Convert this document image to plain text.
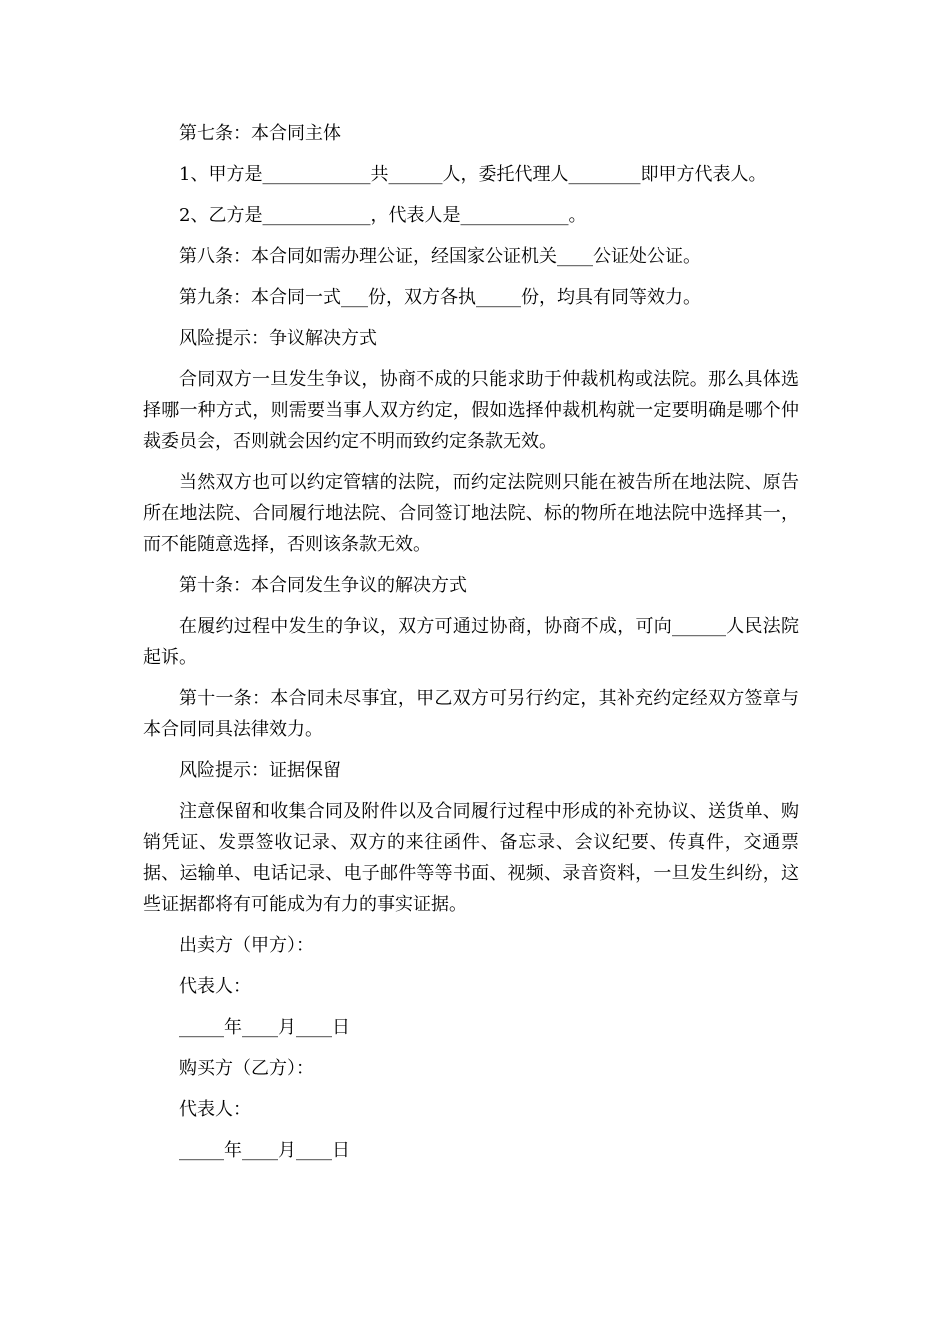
第七条：本合同主体

1、甲方是____________共______人，委托代理人________即甲方代表人。

2、乙方是____________，代表人是____________。

第八条：本合同如需办理公证，经国家公证机关____公证处公证。

第九条：本合同一式___份，双方各执_____份，均具有同等效力。

风险提示：争议解决方式

合同双方一旦发生争议，协商不成的只能求助于仲裁机构或法院。那么具体选择哪一种方式，则需要当事人双方约定，假如选择仲裁机构就一定要明确是哪个仲裁委员会，否则就会因约定不明而致约定条款无效。

当然双方也可以约定管辖的法院，而约定法院则只能在被告所在地法院、原告所在地法院、合同履行地法院、合同签订地法院、标的物所在地法院中选择其一，而不能随意选择，否则该条款无效。

第十条：本合同发生争议的解决方式

在履约过程中发生的争议，双方可通过协商，协商不成，可向______人民法院起诉。

第十一条：本合同未尽事宜，甲乙双方可另行约定，其补充约定经双方签章与本合同同具法律效力。

风险提示：证据保留

注意保留和收集合同及附件以及合同履行过程中形成的补充协议、送货单、购销凭证、发票签收记录、双方的来往函件、备忘录、会议纪要、传真件，交通票据、运输单、电话记录、电子邮件等等书面、视频、录音资料，一旦发生纠纷，这些证据都将有可能成为有力的事实证据。

出卖方（甲方）：

代表人：

_____年____月____日

购买方（乙方）：

代表人：

_____年____月____日
